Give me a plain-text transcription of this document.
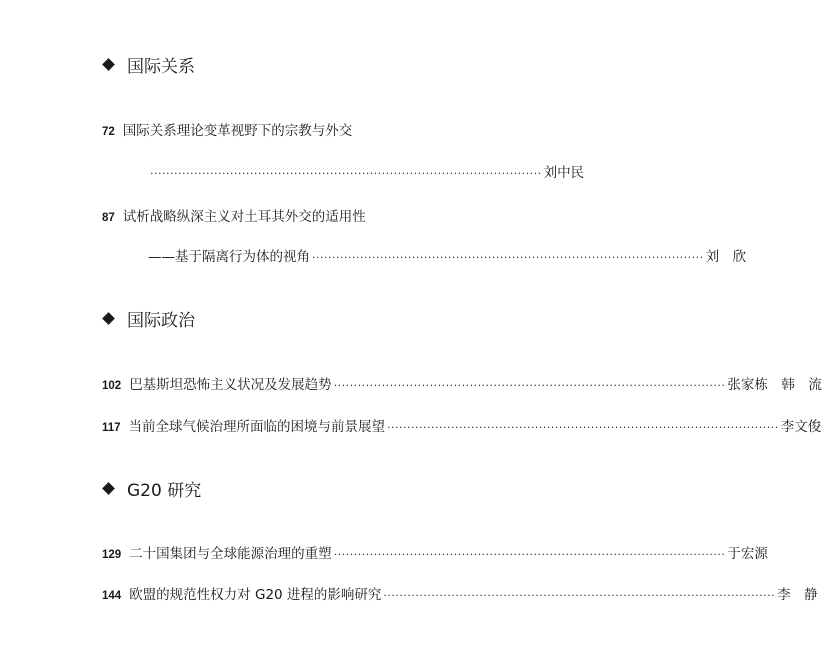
国际关系
72 国际关系理论变革视野下的宗教与外交
·································································································· 刘中民
87 试析战略纵深主义对土耳其外交的适用性
——基于隔离行为体的视角 ·································································································· 刘　欣
国际政治
102 巴基斯坦恐怖主义状况及发展趋势 ·································································································· 张家栋　韩　流
117 当前全球气候治理所面临的困境与前景展望 ·································································································· 李文俊
G20 研究
129 二十国集团与全球能源治理的重塑 ·································································································· 于宏源
144 欧盟的规范性权力对 G20 进程的影响研究 ·································································································· 李　静
